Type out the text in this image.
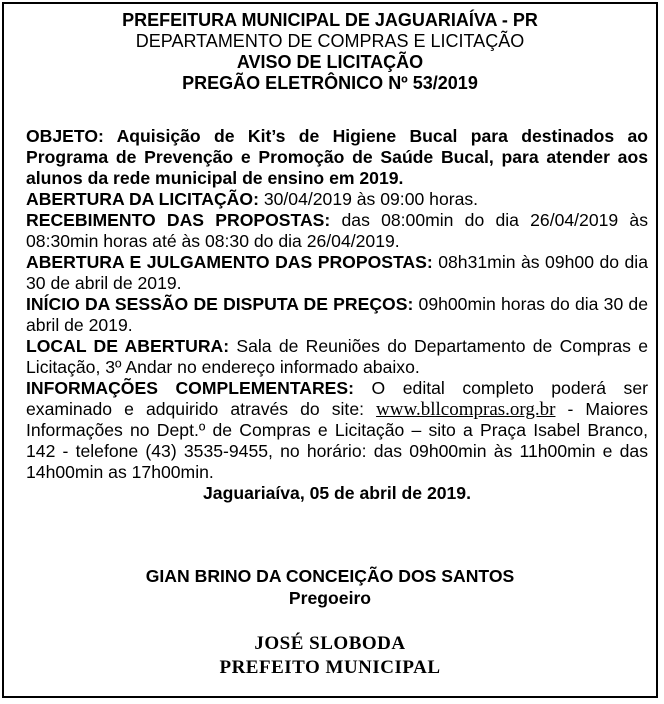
PREFEITURA MUNICIPAL DE JAGUARIAÍVA - PR
DEPARTAMENTO DE COMPRAS E LICITAÇÃO
AVISO DE LICITAÇÃO
PREGÃO ELETRÔNICO Nº 53/2019

OBJETO: Aquisição de Kit’s de Higiene Bucal para destinados ao Programa de Prevenção e Promoção de Saúde Bucal, para atender aos alunos da rede municipal de ensino em 2019.

ABERTURA DA LICITAÇÃO: 30/04/2019 às 09:00 horas.

RECEBIMENTO DAS PROPOSTAS: das 08:00min do dia 26/04/2019 às 08:30min horas até às 08:30 do dia 26/04/2019.

ABERTURA E JULGAMENTO DAS PROPOSTAS: 08h31min às 09h00 do dia 30 de abril de 2019.

INÍCIO DA SESSÃO DE DISPUTA DE PREÇOS: 09h00min horas do dia 30 de abril de 2019.

LOCAL DE ABERTURA: Sala de Reuniões do Departamento de Compras e Licitação, 3º Andar no endereço informado abaixo.

INFORMAÇÕES COMPLEMENTARES: O edital completo poderá ser examinado e adquirido através do site: www.bllcompras.org.br - Maiores Informações no Dept.º de Compras e Licitação – sito a Praça Isabel Branco, 142 - telefone (43) 3535-9455, no horário: das 09h00min às 11h00min e das 14h00min as 17h00min.

Jaguariaíva, 05 de abril de 2019.

GIAN BRINO DA CONCEIÇÃO DOS SANTOS
Pregoeiro
JOSÉ SLOBODA
PREFEITO MUNICIPAL
